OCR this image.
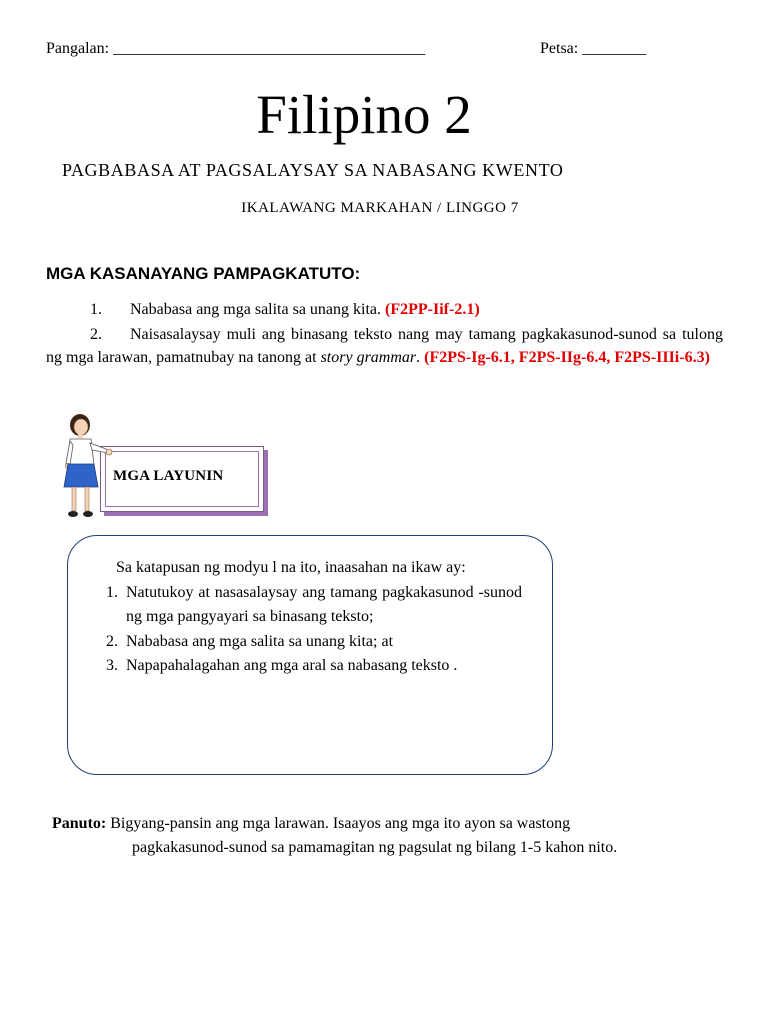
Pangalan: _______________________________________	Petsa: ________
Filipino 2
PAGBABASA AT PAGSALAYSAY SA NABASANG KWENTO
IKALAWANG MARKAHAN / LINGGO 7
MGA KASANAYANG PAMPAGKATUTO:
1.	Nababasa ang mga salita sa unang kita. (F2PP-Iif-2.1)
2.	Naisasalaysay muli ang binasang teksto nang may tamang pagkakasunod-sunod sa tulong ng mga larawan, pamatnubay na tanong at story grammar. (F2PS-Ig-6.1, F2PS-IIg-6.4, F2PS-IIIi-6.3)
MGA LAYUNIN
Sa katapusan ng modyu l na ito, inaasahan na ikaw ay:
1. Natutukoy at nasasalaysay ang tamang pagkakasunod -sunod ng mga pangyayari sa binasang teksto;
2. Nababasa ang mga salita sa unang kita; at
3. Napapahalagahan ang mga aral sa nabasang teksto .
Panuto: Bigyang-pansin ang mga larawan. Isaayos ang mga ito ayon sa wastong
pagkakasunod-sunod sa pamamagitan ng pagsulat ng bilang 1-5 kahon nito.
